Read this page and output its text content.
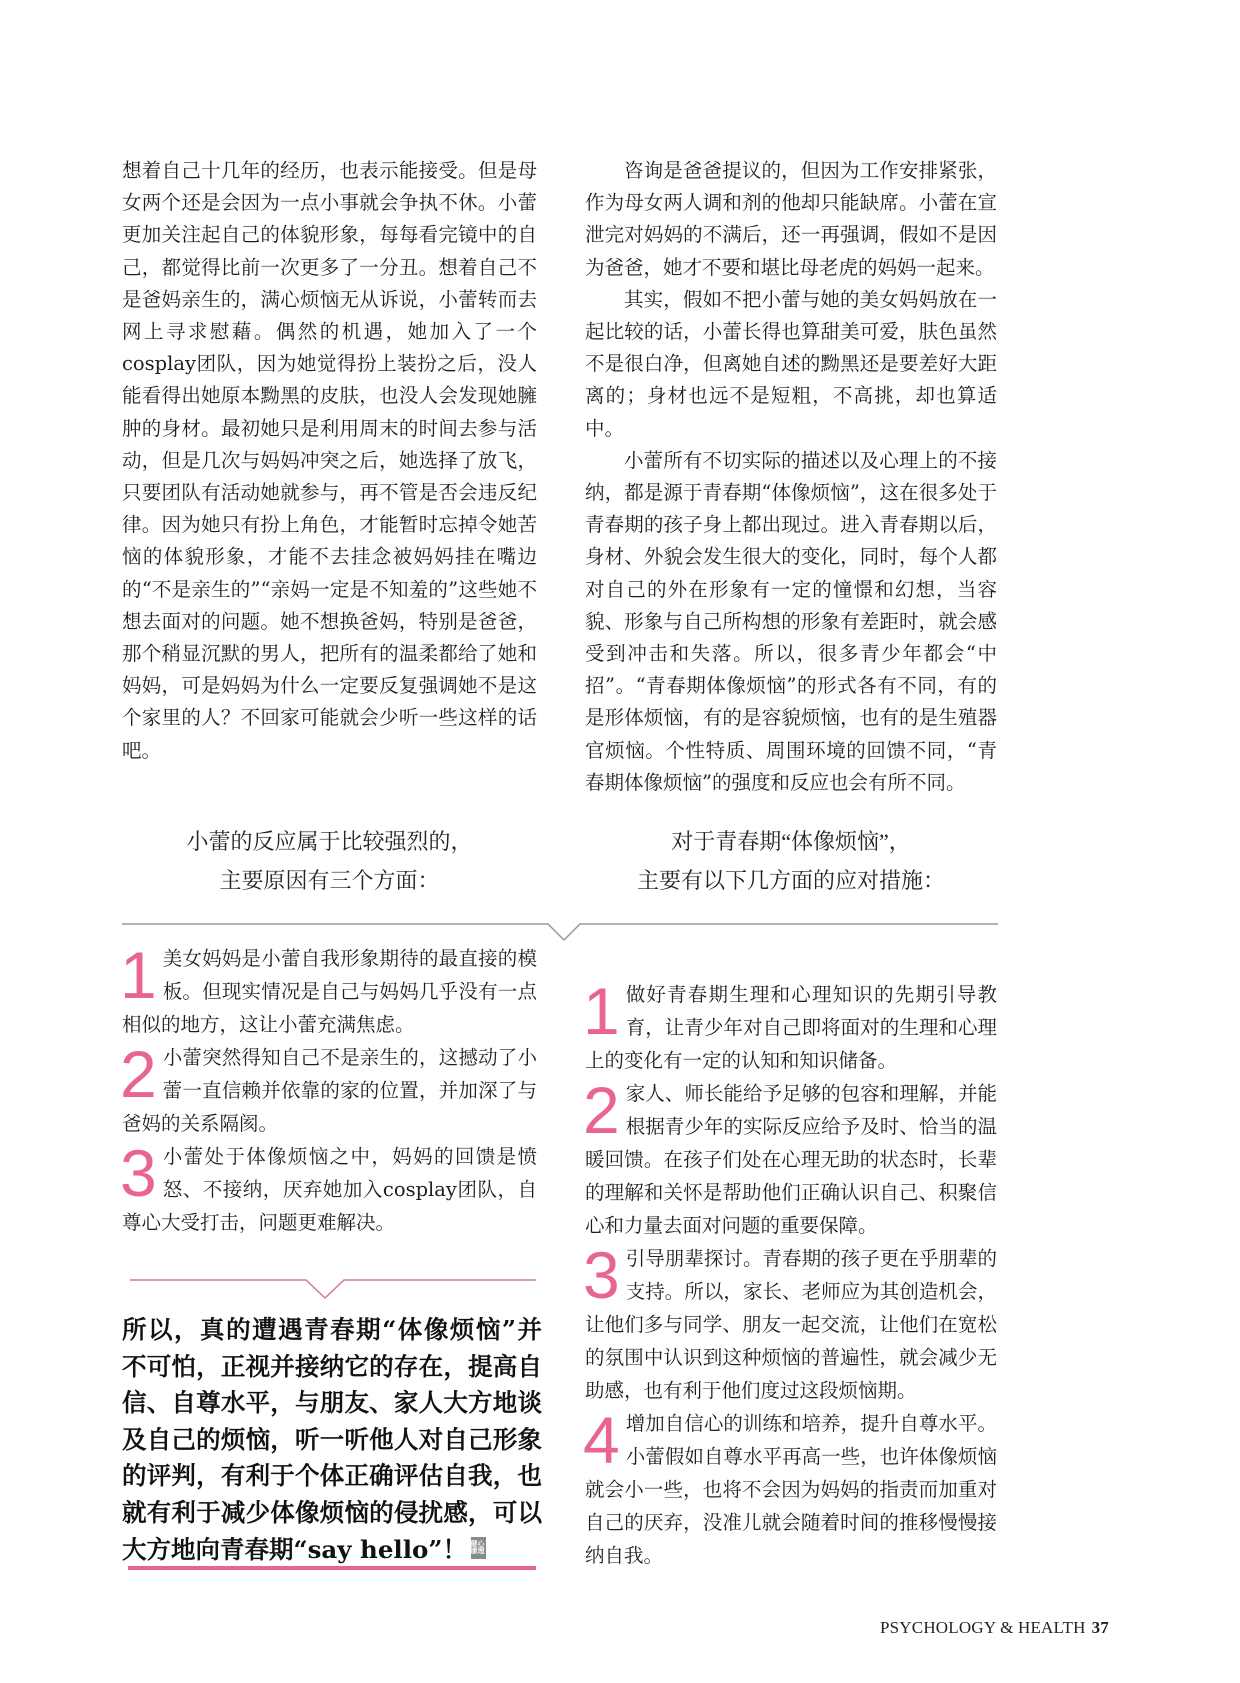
想着自己十几年的经历，也表示能接受。但是母女两个还是会因为一点小事就会争执不休。小蕾更加关注起自己的体貌形象，每每看完镜中的自己，都觉得比前一次更多了一分丑。想着自己不是爸妈亲生的，满心烦恼无从诉说，小蕾转而去网上寻求慰藉。偶然的机遇，她加入了一个cosplay团队，因为她觉得扮上装扮之后，没人能看得出她原本黝黑的皮肤，也没人会发现她臃肿的身材。最初她只是利用周末的时间去参与活动，但是几次与妈妈冲突之后，她选择了放飞，只要团队有活动她就参与，再不管是否会违反纪律。因为她只有扮上角色，才能暂时忘掉令她苦恼的体貌形象，才能不去挂念被妈妈挂在嘴边的“不是亲生的”“亲妈一定是不知羞的”这些她不想去面对的问题。她不想换爸妈，特别是爸爸，那个稍显沉默的男人，把所有的温柔都给了她和妈妈，可是妈妈为什么一定要反复强调她不是这个家里的人？不回家可能就会少听一些这样的话吧。

咨询是爸爸提议的，但因为工作安排紧张，作为母女两人调和剂的他却只能缺席。小蕾在宣泄完对妈妈的不满后，还一再强调，假如不是因为爸爸，她才不要和堪比母老虎的妈妈一起来。

其实，假如不把小蕾与她的美女妈妈放在一起比较的话，小蕾长得也算甜美可爱，肤色虽然不是很白净，但离她自述的黝黑还是要差好大距离的；身材也远不是短粗，不高挑，却也算适中。

小蕾所有不切实际的描述以及心理上的不接纳，都是源于青春期“体像烦恼”，这在很多处于青春期的孩子身上都出现过。进入青春期以后，身材、外貌会发生很大的变化，同时，每个人都对自己的外在形象有一定的憧憬和幻想，当容貌、形象与自己所构想的形象有差距时，就会感受到冲击和失落。所以，很多青少年都会“中招”。“青春期体像烦恼”的形式各有不同，有的是形体烦恼，有的是容貌烦恼，也有的是生殖器官烦恼。个性特质、周围环境的回馈不同，“青春期体像烦恼”的强度和反应也会有所不同。

小蕾的反应属于比较强烈的，
主要原因有三个方面：
对于青春期“体像烦恼”，
主要有以下几方面的应对措施：
1 美女妈妈是小蕾自我形象期待的最直接的模板。但现实情况是自己与妈妈几乎没有一点相似的地方，这让小蕾充满焦虑。
2 小蕾突然得知自己不是亲生的，这撼动了小蕾一直信赖并依靠的家的位置，并加深了与爸妈的关系隔阂。
3 小蕾处于体像烦恼之中，妈妈的回馈是愤怒、不接纳，厌弃她加入cosplay团队，自尊心大受打击，问题更难解决。
1 做好青春期生理和心理知识的先期引导教育，让青少年对自己即将面对的生理和心理上的变化有一定的认知和知识储备。
2 家人、师长能给予足够的包容和理解，并能根据青少年的实际反应给予及时、恰当的温暖回馈。在孩子们处在心理无助的状态时，长辈的理解和关怀是帮助他们正确认识自己、积聚信心和力量去面对问题的重要保障。
3 引导朋辈探讨。青春期的孩子更在乎朋辈的支持。所以，家长、老师应为其创造机会，让他们多与同学、朋友一起交流，让他们在宽松的氛围中认识到这种烦恼的普遍性，就会减少无助感，也有利于他们度过这段烦恼期。
4 增加自信心的训练和培养，提升自尊水平。小蕾假如自尊水平再高一些，也许体像烦恼就会小一些，也将不会因为妈妈的指责而加重对自己的厌弃，没准儿就会随着时间的推移慢慢接纳自我。
所以，真的遭遇青春期“体像烦恼”并不可怕，正视并接纳它的存在，提高自信、自尊水平，与朋友、家人大方地谈及自己的烦恼，听一听他人对自己形象的评判，有利于个体正确评估自我，也就有利于减少体像烦恼的侵扰感，可以大方地向青春期“say hello”！ 健康
心理
PSYCHOLOGY & HEALTH 37
